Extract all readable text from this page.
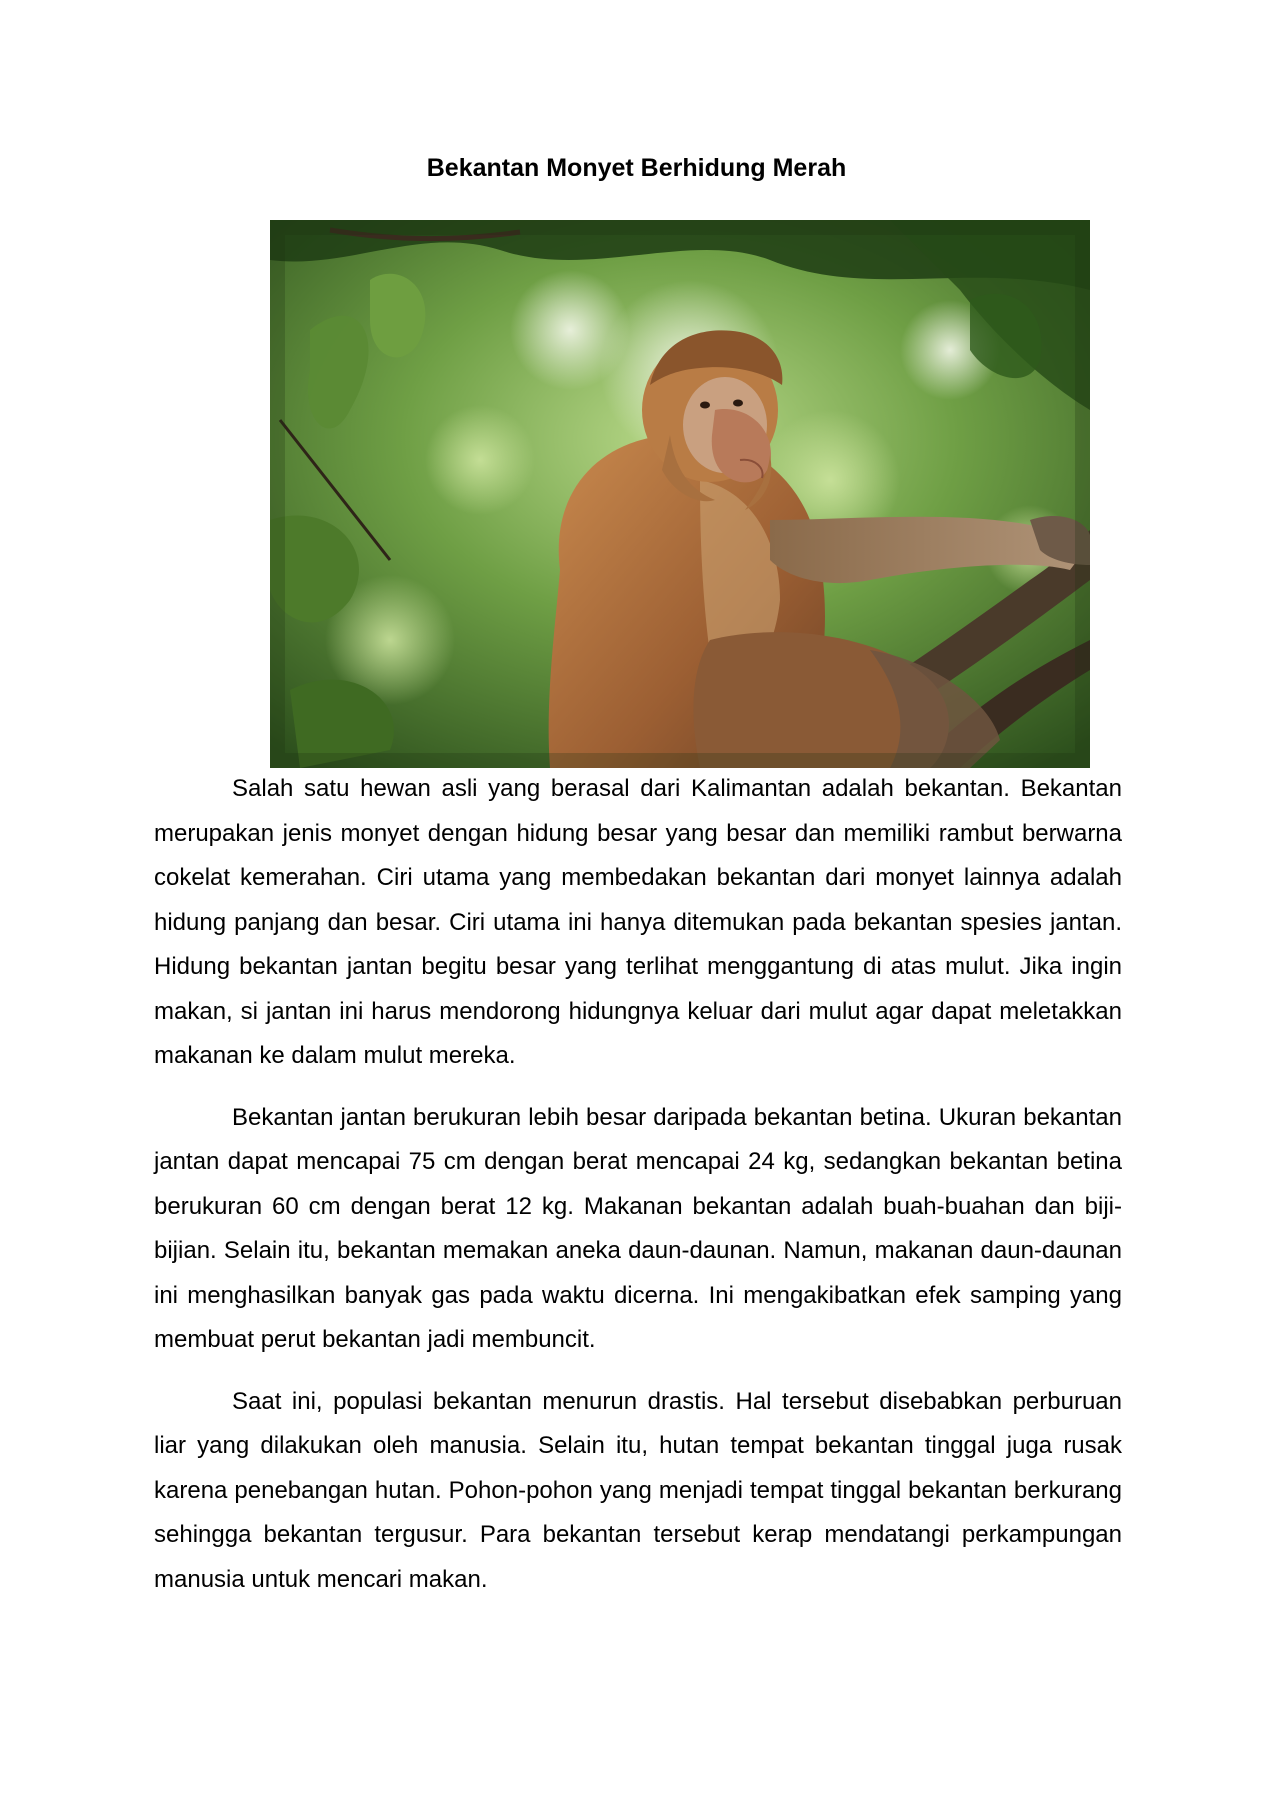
Bekantan Monyet Berhidung Merah

Salah satu hewan asli yang berasal dari Kalimantan adalah bekantan. Bekantan merupakan jenis monyet dengan hidung besar yang besar dan memiliki rambut berwarna cokelat kemerahan. Ciri utama yang membedakan bekantan dari monyet lainnya adalah hidung panjang dan besar. Ciri utama ini hanya ditemukan pada bekantan spesies jantan. Hidung bekantan jantan begitu besar yang terlihat menggantung di atas mulut. Jika ingin makan, si jantan ini harus mendorong hidungnya keluar dari mulut agar dapat meletakkan makanan ke dalam mulut mereka.

Bekantan jantan berukuran lebih besar daripada bekantan betina. Ukuran bekantan jantan dapat mencapai 75 cm dengan berat mencapai 24 kg, sedangkan bekantan betina berukuran 60 cm dengan berat 12 kg. Makanan bekantan adalah buah-buahan dan biji-bijian. Selain itu, bekantan memakan aneka daun-daunan. Namun, makanan daun-daunan ini menghasilkan banyak gas pada waktu dicerna. Ini mengakibatkan efek samping yang membuat perut bekantan jadi membuncit.

Saat ini, populasi bekantan menurun drastis. Hal tersebut disebabkan perburuan liar yang dilakukan oleh manusia. Selain itu, hutan tempat bekantan tinggal juga rusak karena penebangan hutan. Pohon-pohon yang menjadi tempat tinggal bekantan berkurang sehingga bekantan tergusur. Para bekantan tersebut kerap mendatangi perkampungan manusia untuk mencari makan.
